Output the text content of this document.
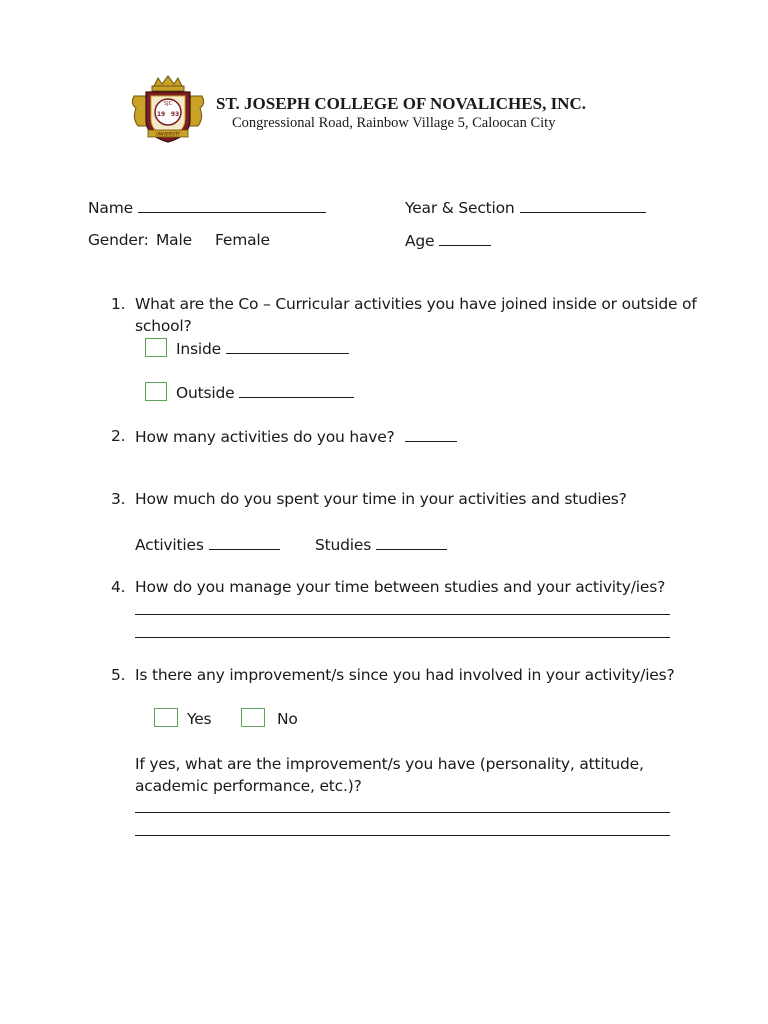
SJC
19 93
UNIVERSITY
ST. JOSEPH COLLEGE OF NOVALICHES, INC.
Congressional Road, Rainbow Village 5, Caloocan City
Name	Year & Section
Gender: Male Female	Age
1. What are the Co – Curricular activities you have joined inside or outside of
school?
Inside
Outside
2. How many activities do you have?
3. How much do you spent your time in your activities and studies?
Activities	Studies
4. How do you manage your time between studies and your activity/ies?
5. Is there any improvement/s since you had involved in your activity/ies?
Yes	No
If yes, what are the improvement/s you have (personality, attitude,
academic performance, etc.)?
